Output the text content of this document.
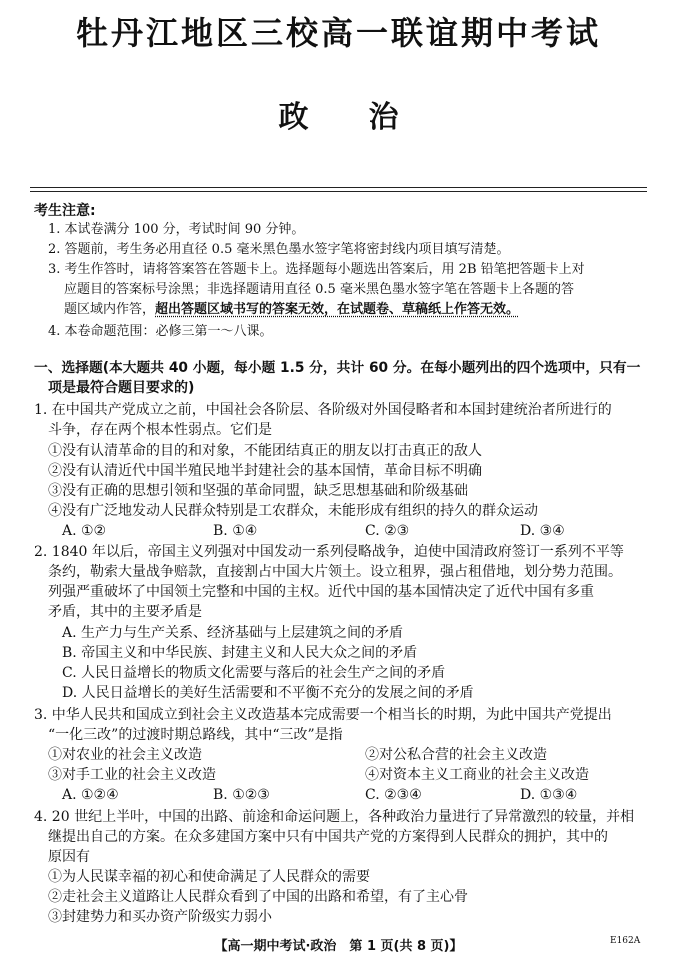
牡丹江地区三校高一联谊期中考试
政 治
考生注意:
1. 本试卷满分 100 分，考试时间 90 分钟。
2. 答题前，考生务必用直径 0.5 毫米黑色墨水签字笔将密封线内项目填写清楚。
3. 考生作答时，请将答案答在答题卡上。选择题每小题选出答案后，用 2B 铅笔把答题卡上对
应题目的答案标号涂黑；非选择题请用直径 0.5 毫米黑色墨水签字笔在答题卡上各题的答
题区域内作答，超出答题区域书写的答案无效，在试题卷、草稿纸上作答无效。
4. 本卷命题范围：必修三第一～八课。
一、选择题(本大题共 40 小题，每小题 1.5 分，共计 60 分。在每小题列出的四个选项中，只有一
项是最符合题目要求的)
1. 在中国共产党成立之前，中国社会各阶层、各阶级对外国侵略者和本国封建统治者所进行的
斗争，存在两个根本性弱点。它们是
①没有认清革命的目的和对象，不能团结真正的朋友以打击真正的敌人
②没有认清近代中国半殖民地半封建社会的基本国情，革命目标不明确
③没有正确的思想引领和坚强的革命同盟，缺乏思想基础和阶级基础
④没有广泛地发动人民群众特别是工农群众，未能形成有组织的持久的群众运动
A. ①②	B. ①④	C. ②③	D. ③④
2. 1840 年以后，帝国主义列强对中国发动一系列侵略战争，迫使中国清政府签订一系列不平等
条约，勒索大量战争赔款，直接割占中国大片领土。设立租界，强占租借地，划分势力范围。
列强严重破坏了中国领土完整和中国的主权。近代中国的基本国情决定了近代中国有多重
矛盾，其中的主要矛盾是
A. 生产力与生产关系、经济基础与上层建筑之间的矛盾
B. 帝国主义和中华民族、封建主义和人民大众之间的矛盾
C. 人民日益增长的物质文化需要与落后的社会生产之间的矛盾
D. 人民日益增长的美好生活需要和不平衡不充分的发展之间的矛盾
3. 中华人民共和国成立到社会主义改造基本完成需要一个相当长的时期，为此中国共产党提出
“一化三改”的过渡时期总路线，其中“三改”是指
①对农业的社会主义改造	②对公私合营的社会主义改造
③对手工业的社会主义改造	④对资本主义工商业的社会主义改造
A. ①②④	B. ①②③	C. ②③④	D. ①③④
4. 20 世纪上半叶，中国的出路、前途和命运问题上，各种政治力量进行了异常激烈的较量，并相
继提出自己的方案。在众多建国方案中只有中国共产党的方案得到人民群众的拥护，其中的
原因有
①为人民谋幸福的初心和使命满足了人民群众的需要
②走社会主义道路让人民群众看到了中国的出路和希望，有了主心骨
③封建势力和买办资产阶级实力弱小
【高一期中考试·政治　第 1 页(共 8 页)】	E162A
